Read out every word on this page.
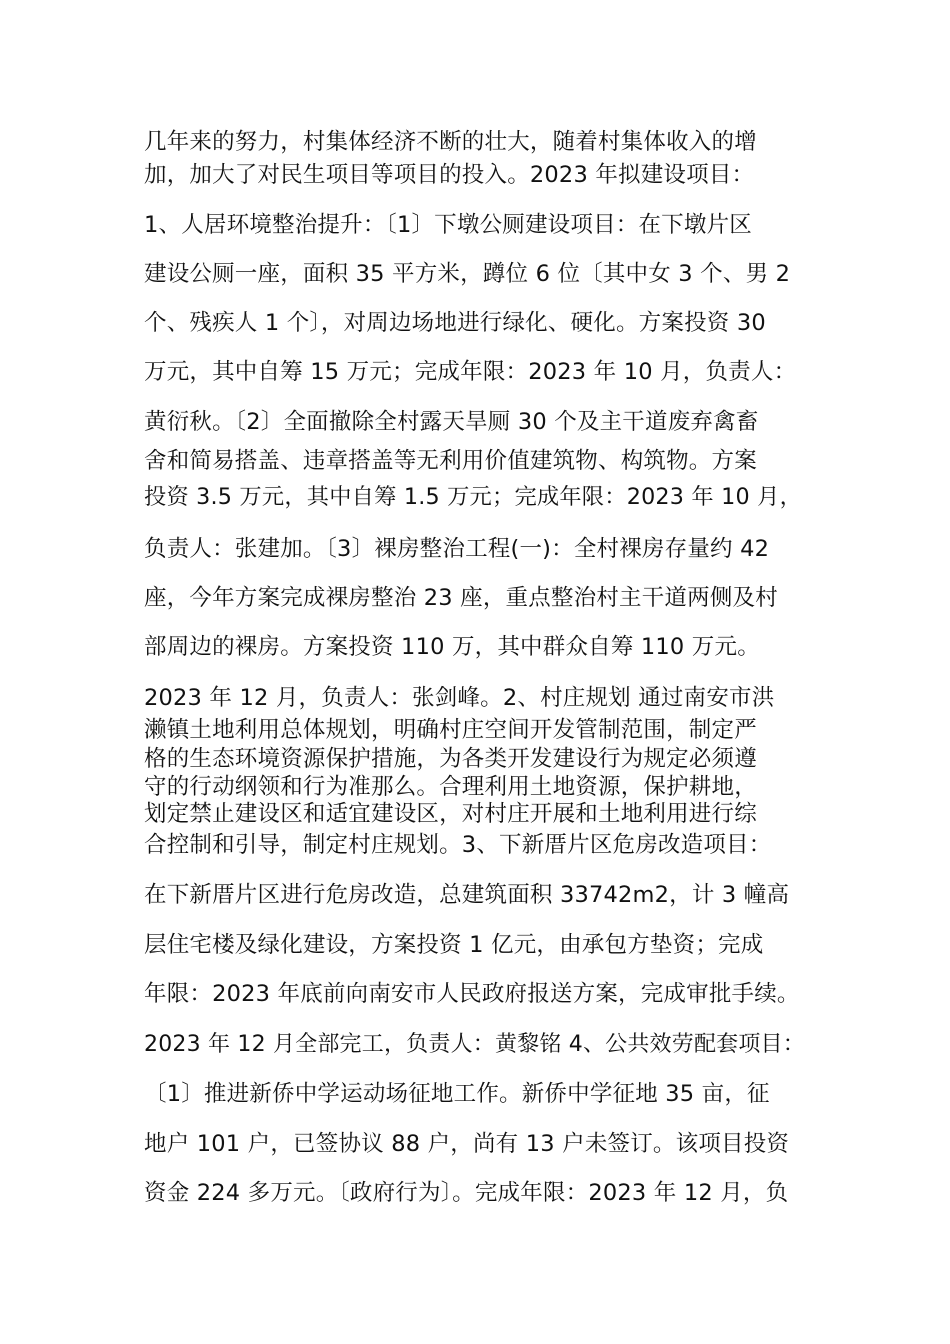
几年来的努力，村集体经济不断的壮大，随着村集体收入的增
加，加大了对民生项目等项目的投入。2023 年拟建设项目：
1、人居环境整治提升：〔1〕下墩公厕建设项目：在下墩片区
建设公厕一座，面积 35 平方米，蹲位 6 位〔其中女 3 个、男 2
个、残疾人 1 个〕，对周边场地进行绿化、硬化。方案投资 30
万元，其中自筹 15 万元；完成年限：2023 年 10 月，负责人：
黄衍秋。〔2〕全面撤除全村露天旱厕 30 个及主干道废弃禽畜
舍和简易搭盖、违章搭盖等无利用价值建筑物、构筑物。方案
投资 3.5 万元，其中自筹 1.5 万元；完成年限：2023 年 10 月，
负责人：张建加。〔3〕裸房整治工程(一)：全村裸房存量约 42
座，今年方案完成裸房整治 23 座，重点整治村主干道两侧及村
部周边的裸房。方案投资 110 万，其中群众自筹 110 万元。
2023 年 12 月，负责人：张剑峰。2、村庄规划 通过南安市洪
濑镇土地利用总体规划，明确村庄空间开发管制范围，制定严
格的生态环境资源保护措施，为各类开发建设行为规定必须遵
守的行动纲领和行为准那么。合理利用土地资源，保护耕地，
划定禁止建设区和适宜建设区，对村庄开展和土地利用进行综
合控制和引导，制定村庄规划。3、下新厝片区危房改造项目：
在下新厝片区进行危房改造，总建筑面积 33742m2，计 3 幢高
层住宅楼及绿化建设，方案投资 1 亿元，由承包方垫资；完成
年限：2023 年底前向南安市人民政府报送方案，完成审批手续。
2023 年 12 月全部完工，负责人：黄黎铭 4、公共效劳配套项目：
〔1〕推进新侨中学运动场征地工作。新侨中学征地 35 亩，征
地户 101 户，已签协议 88 户，尚有 13 户未签订。该项目投资
资金 224 多万元。〔政府行为〕。完成年限：2023 年 12 月，负
